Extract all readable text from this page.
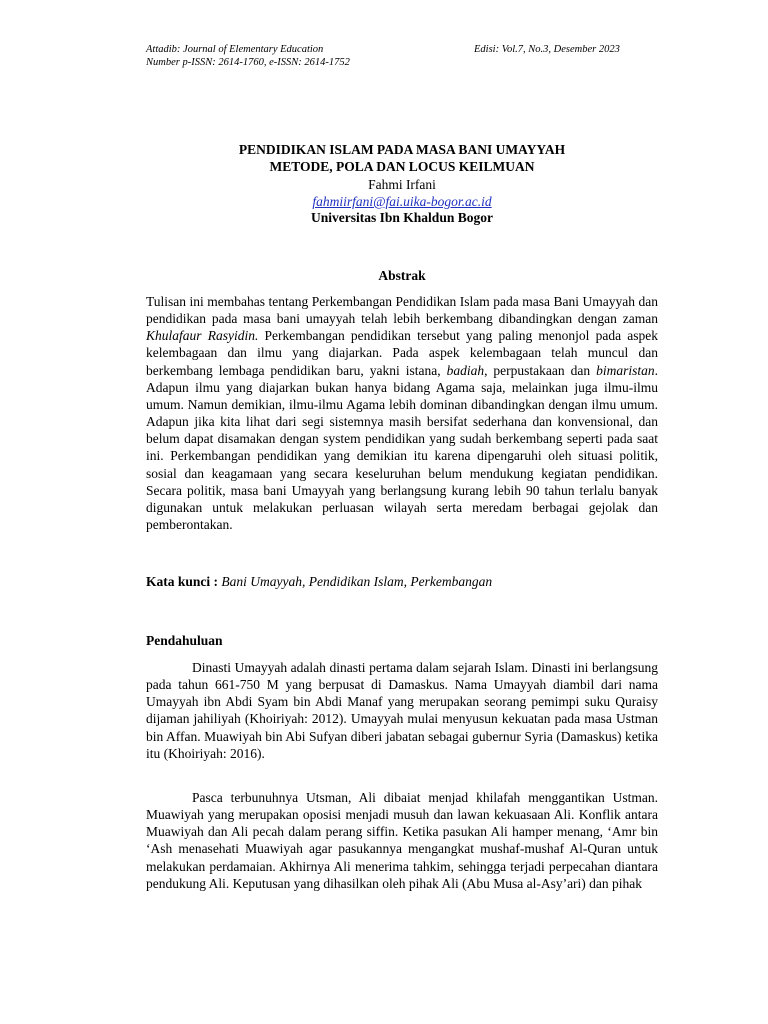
Attadib: Journal of Elementary Education
Number p-ISSN: 2614-1760, e-ISSN: 2614-1752
Edisi: Vol.7, No.3, Desember 2023
PENDIDIKAN ISLAM PADA MASA BANI UMAYYAH
METODE, POLA DAN LOCUS KEILMUAN
Fahmi Irfani
fahmiirfani@fai.uika-bogor.ac.id
Universitas Ibn Khaldun Bogor
Abstrak
Tulisan ini membahas tentang Perkembangan Pendidikan Islam pada masa Bani Umayyah dan pendidikan pada masa bani umayyah telah lebih berkembang dibandingkan dengan zaman Khulafaur Rasyidin. Perkembangan pendidikan tersebut yang paling menonjol pada aspek kelembagaan dan ilmu yang diajarkan. Pada aspek kelembagaan telah muncul dan berkembang lembaga pendidikan baru, yakni istana, badiah, perpustakaan dan bimaristan. Adapun ilmu yang diajarkan bukan hanya bidang Agama saja, melainkan juga ilmu-ilmu umum. Namun demikian, ilmu-ilmu Agama lebih dominan dibandingkan dengan ilmu umum. Adapun jika kita lihat dari segi sistemnya masih bersifat sederhana dan konvensional, dan belum dapat disamakan dengan system pendidikan yang sudah berkembang seperti pada saat ini. Perkembangan pendidikan yang demikian itu karena dipengaruhi oleh situasi politik, sosial dan keagamaan yang secara keseluruhan belum mendukung kegiatan pendidikan. Secara politik, masa bani Umayyah yang berlangsung kurang lebih 90 tahun terlalu banyak digunakan untuk melakukan perluasan wilayah serta meredam berbagai gejolak dan pemberontakan.
Kata kunci : Bani Umayyah, Pendidikan Islam, Perkembangan
Pendahuluan
Dinasti Umayyah adalah dinasti pertama dalam sejarah Islam. Dinasti ini berlangsung pada tahun 661-750 M yang berpusat di Damaskus. Nama Umayyah diambil dari nama Umayyah ibn Abdi Syam bin Abdi Manaf yang merupakan seorang pemimpi suku Quraisy dijaman jahiliyah (Khoiriyah: 2012). Umayyah mulai menyusun kekuatan pada masa Ustman bin Affan. Muawiyah bin Abi Sufyan diberi jabatan sebagai gubernur Syria (Damaskus) ketika itu (Khoiriyah: 2016).
Pasca terbunuhnya Utsman, Ali dibaiat menjad khilafah menggantikan Ustman. Muawiyah yang merupakan oposisi menjadi musuh dan lawan kekuasaan Ali. Konflik antara Muawiyah dan Ali pecah dalam perang siffin. Ketika pasukan Ali hamper menang, ‘Amr bin ‘Ash menasehati Muawiyah agar pasukannya mengangkat mushaf-mushaf Al-Quran untuk melakukan perdamaian. Akhirnya Ali menerima tahkim, sehingga terjadi perpecahan diantara pendukung Ali. Keputusan yang dihasilkan oleh pihak Ali (Abu Musa al-Asy’ari) dan pihak
